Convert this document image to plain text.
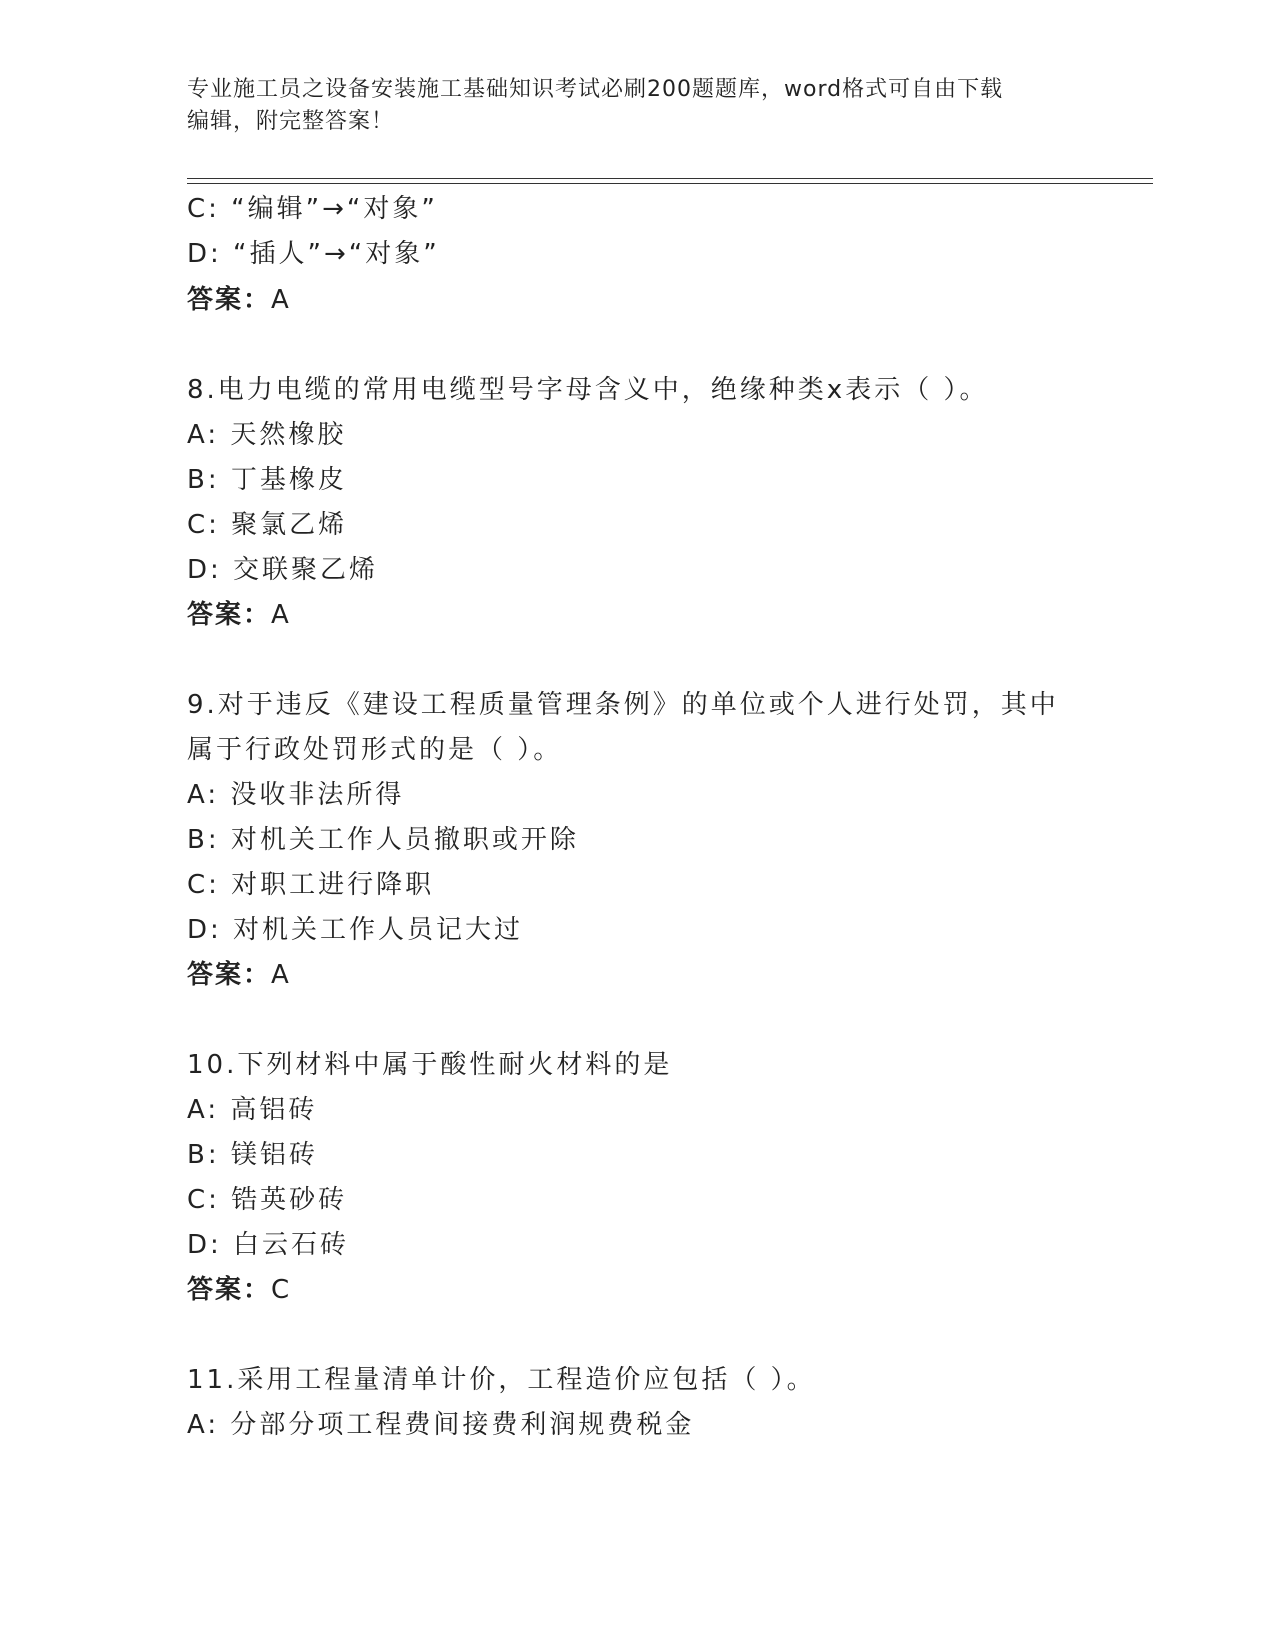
专业施工员之设备安装施工基础知识考试必刷200题题库，word格式可自由下载
编辑，附完整答案！
C: “编辑”→“对象”
D: “插人”→“对象”
答案：A
8.电力电缆的常用电缆型号字母含义中，绝缘种类x表示（ ）。
A: 天然橡胶
B: 丁基橡皮
C: 聚氯乙烯
D: 交联聚乙烯
答案：A
9.对于违反《建设工程质量管理条例》的单位或个人进行处罚，其中
属于行政处罚形式的是（ ）。
A: 没收非法所得
B: 对机关工作人员撤职或开除
C: 对职工进行降职
D: 对机关工作人员记大过
答案：A
10.下列材料中属于酸性耐火材料的是
A: 高铝砖
B: 镁铝砖
C: 锆英砂砖
D: 白云石砖
答案：C
11.采用工程量清单计价，工程造价应包括（ ）。
A: 分部分项工程费间接费利润规费税金
